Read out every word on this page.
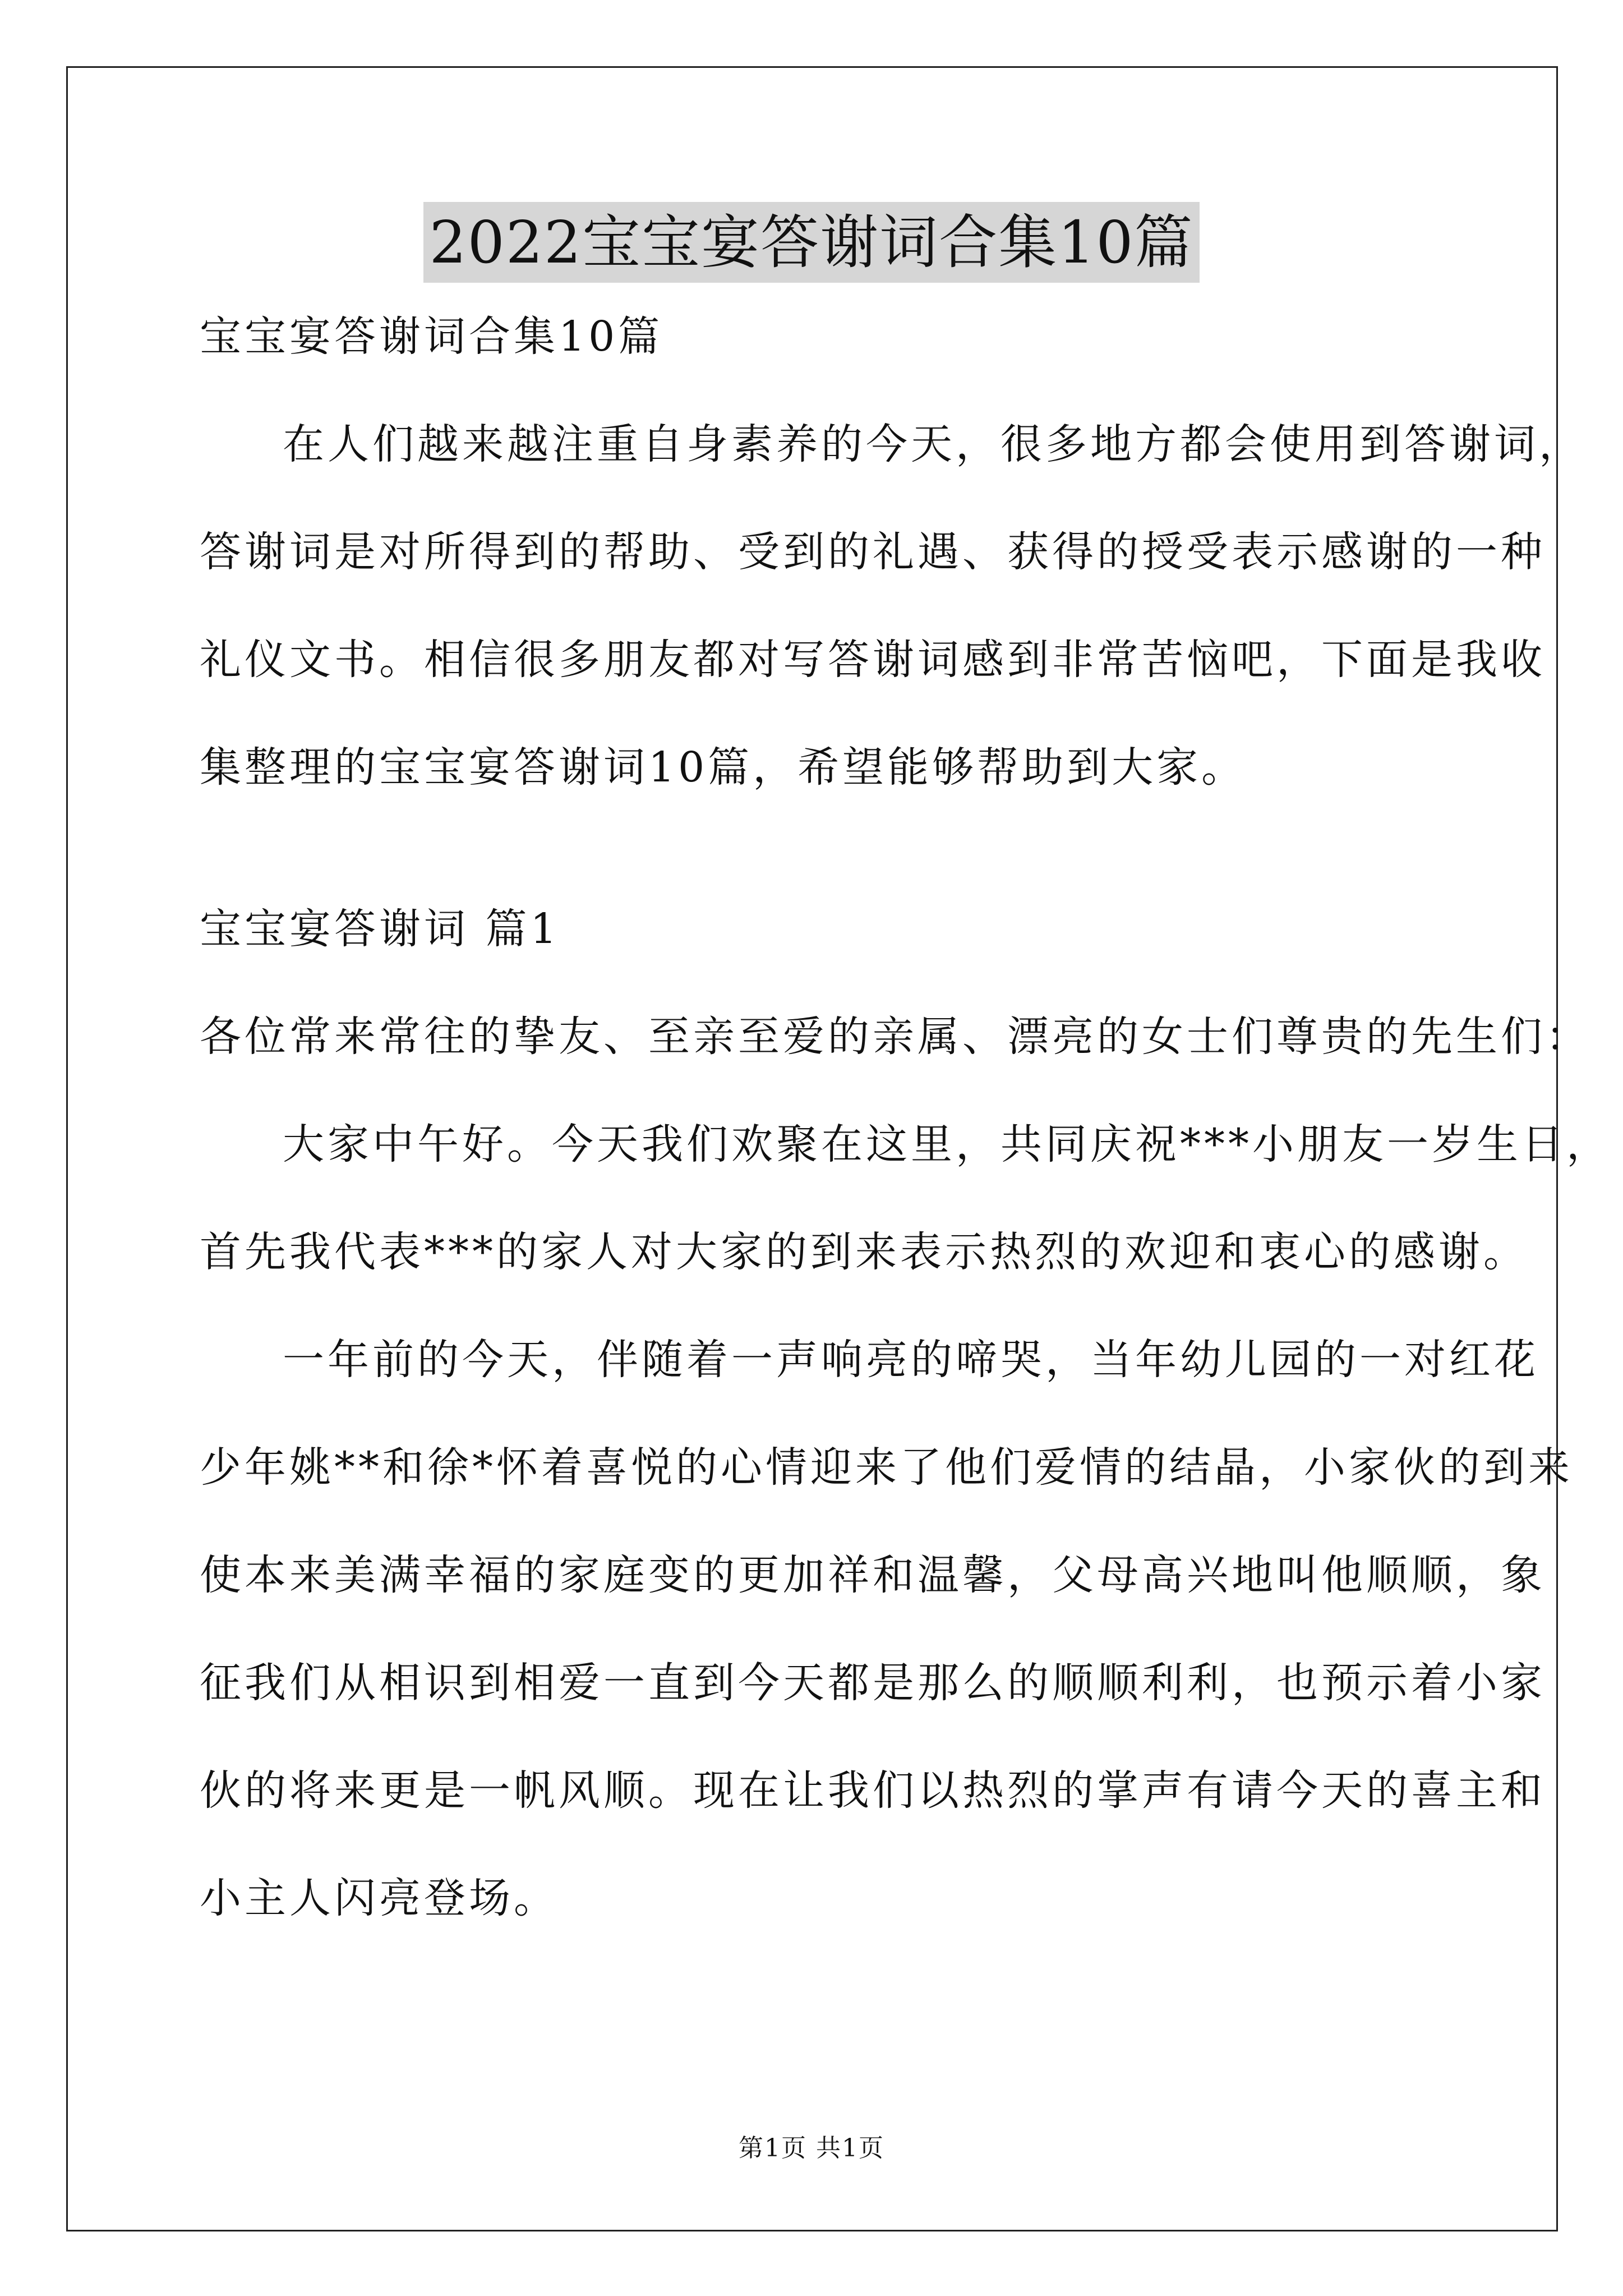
2022宝宝宴答谢词合集10篇
宝宝宴答谢词合集10篇
在人们越来越注重自身素养的今天，很多地方都会使用到答谢词，
答谢词是对所得到的帮助、受到的礼遇、获得的授受表示感谢的一种
礼仪文书。相信很多朋友都对写答谢词感到非常苦恼吧，下面是我收
集整理的宝宝宴答谢词10篇，希望能够帮助到大家。
宝宝宴答谢词 篇1
各位常来常往的挚友、至亲至爱的亲属、漂亮的女士们尊贵的先生们：
大家中午好。今天我们欢聚在这里，共同庆祝***小朋友一岁生日，
首先我代表***的家人对大家的到来表示热烈的欢迎和衷心的感谢。
一年前的今天，伴随着一声响亮的啼哭，当年幼儿园的一对红花
少年姚**和徐*怀着喜悦的心情迎来了他们爱情的结晶，小家伙的到来
使本来美满幸福的家庭变的更加祥和温馨，父母高兴地叫他顺顺，象
征我们从相识到相爱一直到今天都是那么的顺顺利利，也预示着小家
伙的将来更是一帆风顺。现在让我们以热烈的掌声有请今天的喜主和
小主人闪亮登场。
第1页 共1页
